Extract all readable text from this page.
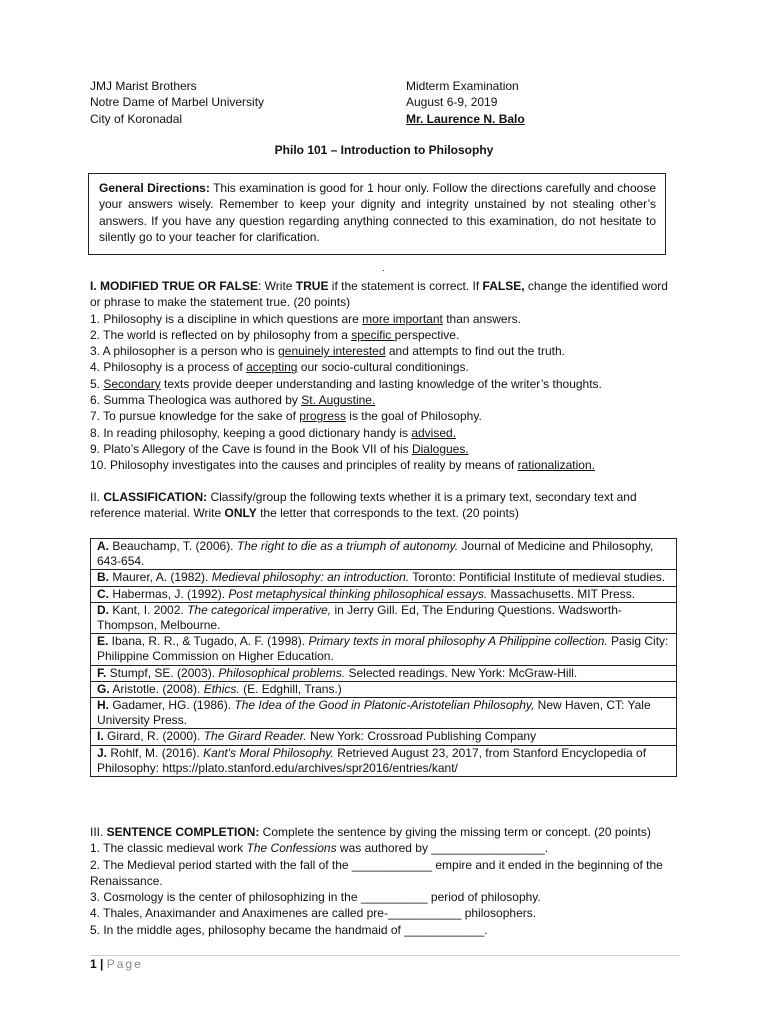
JMJ Marist Brothers
Notre Dame of Marbel University
City of Koronadal
Midterm Examination
August 6-9, 2019
Mr. Laurence N. Balo
Philo 101 – Introduction to Philosophy
General Directions: This examination is good for 1 hour only. Follow the directions carefully and choose your answers wisely. Remember to keep your dignity and integrity unstained by not stealing other’s answers. If you have any question regarding anything connected to this examination, do not hesitate to silently go to your teacher for clarification.
.

I. MODIFIED TRUE OR FALSE: Write TRUE if the statement is correct. If FALSE, change the identified word or phrase to make the statement true. (20 points)

1. Philosophy is a discipline in which questions are more important than answers.

2. The world is reflected on by philosophy from a specific perspective.

3. A philosopher is a person who is genuinely interested and attempts to find out the truth.

4. Philosophy is a process of accepting our socio-cultural conditionings.

5. Secondary texts provide deeper understanding and lasting knowledge of the writer’s thoughts.

6. Summa Theologica was authored by St. Augustine.

7. To pursue knowledge for the sake of progress is the goal of Philosophy.

8. In reading philosophy, keeping a good dictionary handy is advised.

9. Plato’s Allegory of the Cave is found in the Book VII of his Dialogues.

10. Philosophy investigates into the causes and principles of reality by means of rationalization.

II. CLASSIFICATION: Classify/group the following texts whether it is a primary text, secondary text and reference material. Write ONLY the letter that corresponds to the text. (20 points)

A. Beauchamp, T. (2006). The right to die as a triumph of autonomy. Journal of Medicine and Philosophy, 643-654.
B. Maurer, A. (1982). Medieval philosophy: an introduction. Toronto: Pontificial Institute of medieval studies.
C. Habermas, J. (1992). Post metaphysical thinking philosophical essays. Massachusetts. MIT Press.
D. Kant, I. 2002. The categorical imperative, in Jerry Gill. Ed, The Enduring Questions. Wadsworth-Thompson, Melbourne.
E. Ibana, R. R., & Tugado, A. F. (1998). Primary texts in moral philosophy A Philippine collection. Pasig City: Philippine Commission on Higher Education.
F. Stumpf, SE. (2003). Philosophical problems. Selected readings. New York: McGraw-Hill.
G. Aristotle. (2008). Ethics. (E. Edghill, Trans.)
H. Gadamer, HG. (1986). The Idea of the Good in Platonic-Aristotelian Philosophy, New Haven, CT: Yale University Press.
I. Girard, R. (2000). The Girard Reader. New York: Crossroad Publishing Company
J. Rohlf, M. (2016). Kant's Moral Philosophy. Retrieved August 23, 2017, from Stanford Encyclopedia of Philosophy: https://plato.stanford.edu/archives/spr2016/entries/kant/

III. SENTENCE COMPLETION: Complete the sentence by giving the missing term or concept. (20 points)

1. The classic medieval work The Confessions was authored by _________________.

2. The Medieval period started with the fall of the ____________ empire and it ended in the beginning of the Renaissance.

3. Cosmology is the center of philosophizing in the __________ period of philosophy.

4. Thales, Anaximander and Anaximenes are called pre-___________ philosophers.

5. In the middle ages, philosophy became the handmaid of ____________.

1 | Page
